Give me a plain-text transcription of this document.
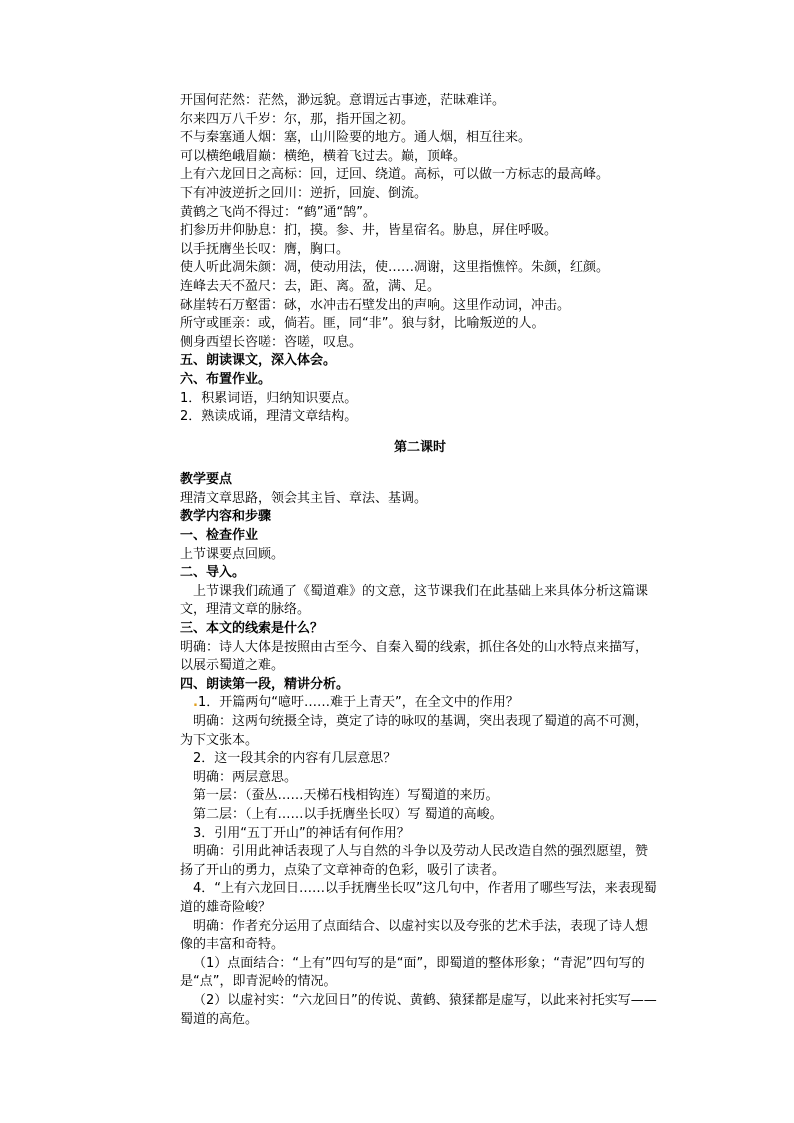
开国何茫然：茫然，渺远貌。意谓远古事迹，茫昧难详。

尔来四万八千岁：尔，那，指开国之初。

不与秦塞通人烟：塞，山川险要的地方。通人烟，相互往来。

可以横绝峨眉巅：横绝，横着飞过去。巅，顶峰。

上有六龙回日之高标：回，迂回、绕道。高标，可以做一方标志的最高峰。

下有冲波逆折之回川：逆折，回旋、倒流。

黄鹤之飞尚不得过：“鹤”通“鹄”。

扪参历井仰胁息：扪，摸。参、井，皆星宿名。胁息，屏住呼吸。

以手抚膺坐长叹：膺，胸口。

使人听此凋朱颜：凋，使动用法，使……凋谢，这里指憔悴。朱颜，红颜。

连峰去天不盈尺：去，距、离。盈，满、足。

砯崖转石万壑雷：砯，水冲击石壁发出的声响。这里作动词，冲击。

所守或匪亲：或，倘若。匪，同“非”。狼与豺，比喻叛逆的人。

侧身西望长咨嗟：咨嗟，叹息。

五、朗读课文，深入体会。

六、布置作业。

1．积累词语，归纳知识要点。

2．熟读成诵，理清文章结构。

第二课时

教学要点

理清文章思路，领会其主旨、章法、基调。

教学内容和步骤

一、检查作业

上节课要点回顾。

二、导入。

上节课我们疏通了《蜀道难》的文意，这节课我们在此基础上来具体分析这篇课文，理清文章的脉络。

三、本文的线索是什么？

明确：诗人大体是按照由古至今、自秦入蜀的线索，抓住各处的山水特点来描写，以展示蜀道之难。

四、朗读第一段，精讲分析。

.1．开篇两句“噫吁……难于上青天”，在全文中的作用？

明确：这两句统摄全诗，奠定了诗的咏叹的基调，突出表现了蜀道的高不可测，为下文张本。

2．这一段其余的内容有几层意思？

明确：两层意思。

第一层：（蚕丛……天梯石栈相钩连）写蜀道的来历。

第二层：（上有……以手抚膺坐长叹）写 蜀道的高峻。

3．引用“五丁开山”的神话有何作用？

明确：引用此神话表现了人与自然的斗争以及劳动人民改造自然的强烈愿望，赞扬了开山的勇力，点染了文章神奇的色彩，吸引了读者。

4．“上有六龙回日……以手抚膺坐长叹”这几句中，作者用了哪些写法，来表现蜀道的雄奇险峻？

明确：作者充分运用了点面结合、以虚衬实以及夸张的艺术手法，表现了诗人想像的丰富和奇特。

（1）点面结合：“上有”四句写的是“面”，即蜀道的整体形象；“青泥”四句写的是“点”，即青泥岭的情况。

（2）以虚衬实：“六龙回日”的传说、黄鹤、猿猱都是虚写，以此来衬托实写——蜀道的高危。
